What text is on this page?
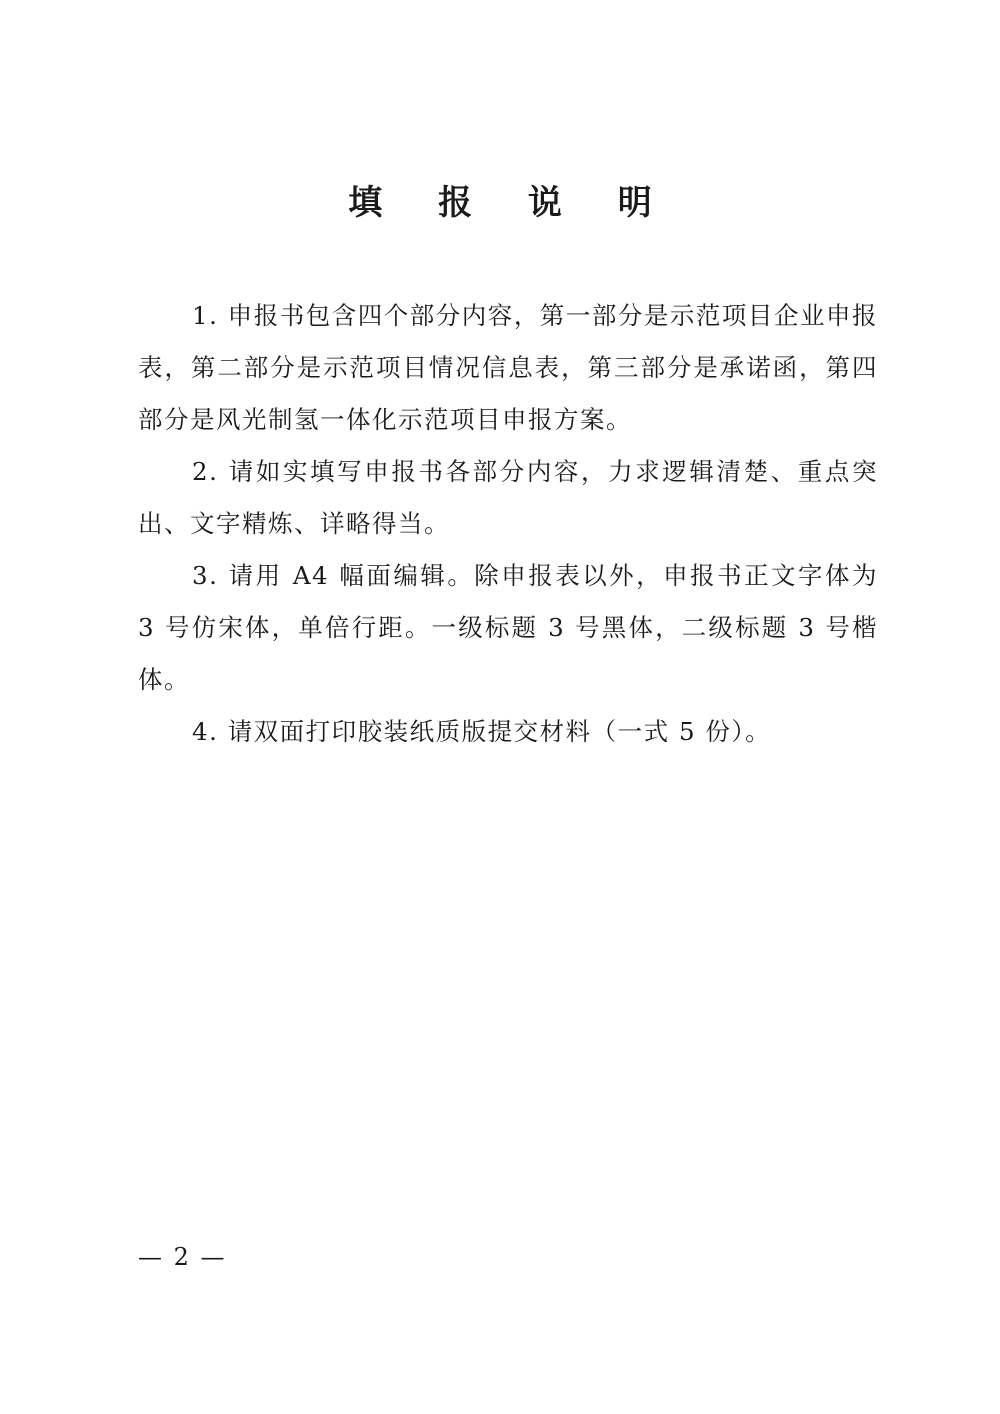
填 报 说 明

1. 申报书包含四个部分内容，第一部分是示范项目企业申报表，第二部分是示范项目情况信息表，第三部分是承诺函，第四部分是风光制氢一体化示范项目申报方案。

2. 请如实填写申报书各部分内容，力求逻辑清楚、重点突出、文字精炼、详略得当。

3. 请用 A4 幅面编辑。除申报表以外，申报书正文字体为 3 号仿宋体，单倍行距。一级标题 3 号黑体，二级标题 3 号楷体。

4. 请双面打印胶装纸质版提交材料（一式 5 份）。

— 2 —
